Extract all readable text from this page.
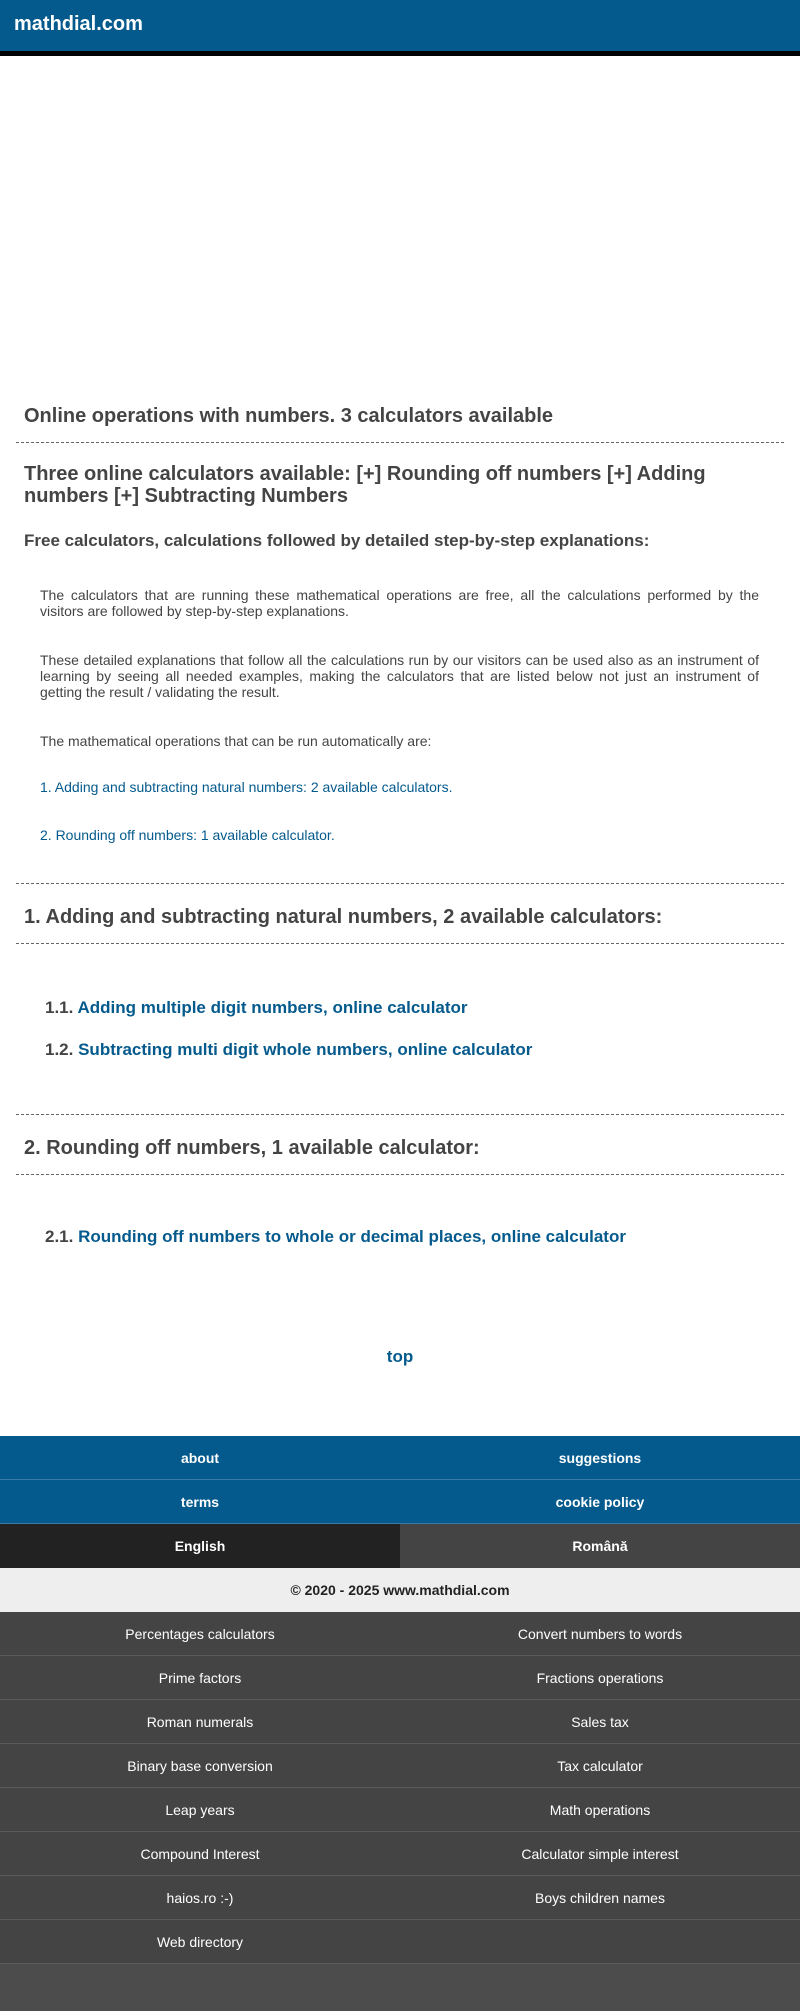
mathdial.com
Online operations with numbers. 3 calculators available
Three online calculators available: [+] Rounding off numbers [+] Adding numbers [+] Subtracting Numbers
Free calculators, calculations followed by detailed step-by-step explanations:

The calculators that are running these mathematical operations are free, all the calculations performed by the visitors are followed by step-by-step explanations.

These detailed explanations that follow all the calculations run by our visitors can be used also as an instrument of learning by seeing all needed examples, making the calculators that are listed below not just an instrument of getting the result / validating the result.

The mathematical operations that can be run automatically are:

1. Adding and subtracting natural numbers: 2 available calculators.
2. Rounding off numbers: 1 available calculator.
1. Adding and subtracting natural numbers, 2 available calculators:
1.1. Adding multiple digit numbers, online calculator
1.2. Subtracting multi digit whole numbers, online calculator
2. Rounding off numbers, 1 available calculator:
2.1. Rounding off numbers to whole or decimal places, online calculator
top
about	suggestions
terms	cookie policy
English	Română
© 2020 - 2025 www.mathdial.com
Percentages calculators	Convert numbers to words
Prime factors	Fractions operations
Roman numerals	Sales tax
Binary base conversion	Tax calculator
Leap years	Math operations
Compound Interest	Calculator simple interest
haios.ro :-)	Boys children names
Web directory
